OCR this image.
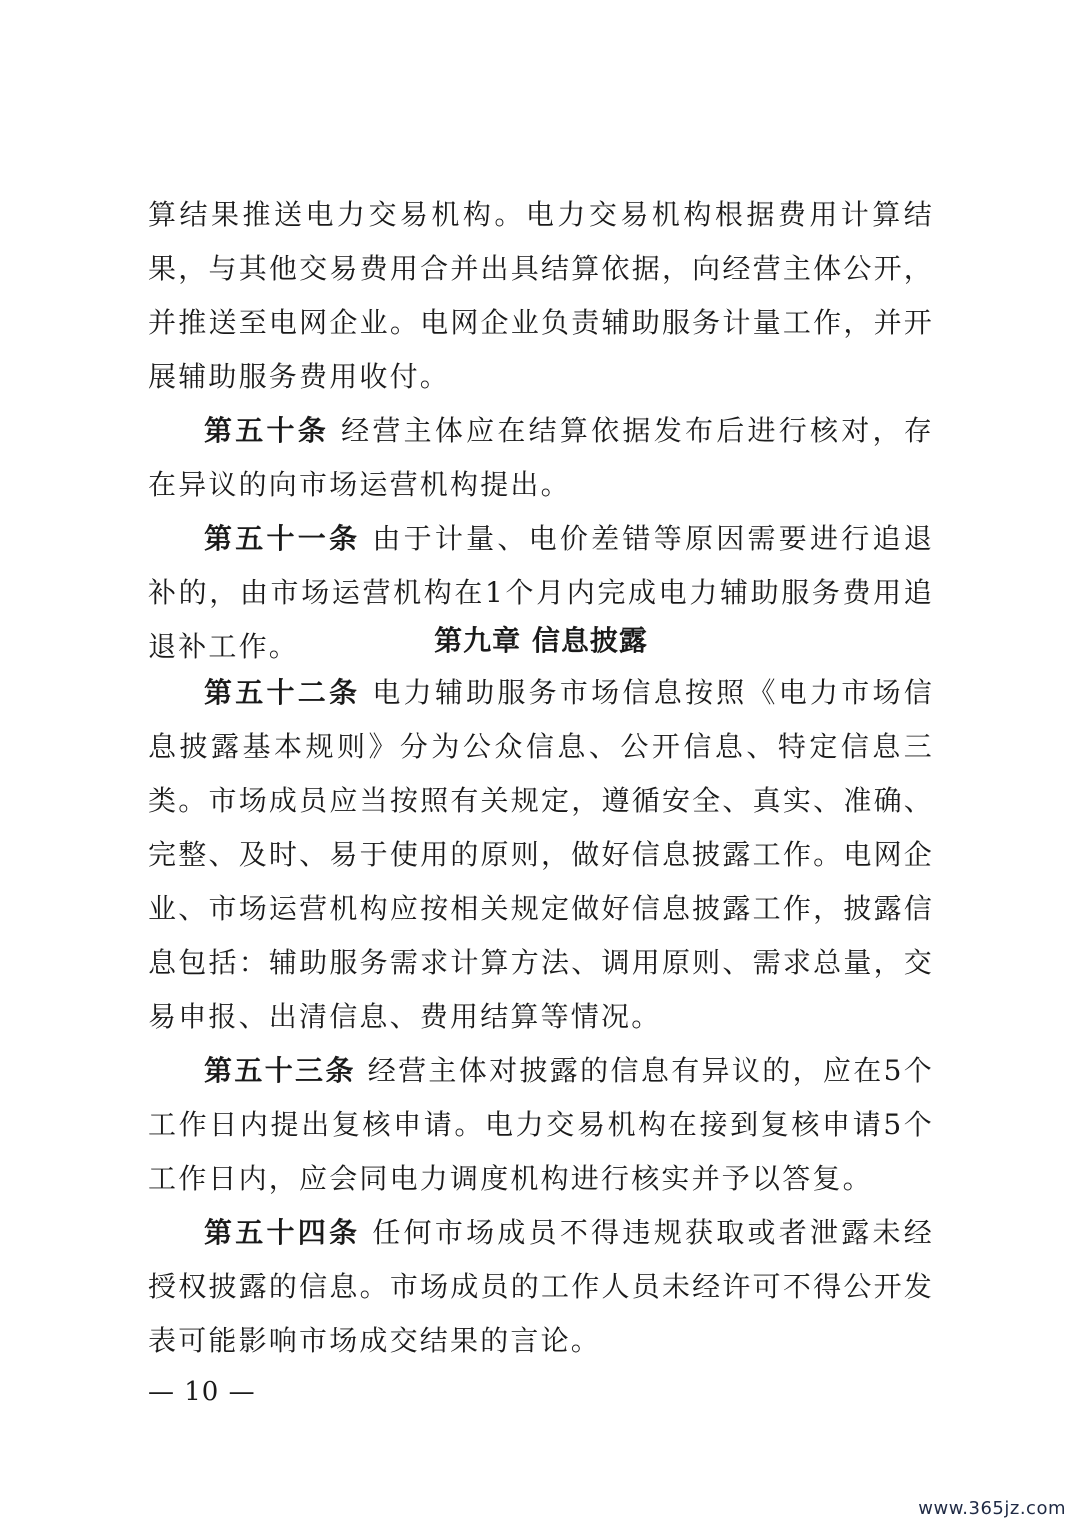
算结果推送电力交易机构。电力交易机构根据费用计算结果，与其他交易费用合并出具结算依据，向经营主体公开，并推送至电网企业。电网企业负责辅助服务计量工作，并开展辅助服务费用收付。

第五十条 经营主体应在结算依据发布后进行核对，存在异议的向市场运营机构提出。

第五十一条 由于计量、电价差错等原因需要进行追退补的，由市场运营机构在1个月内完成电力辅助服务费用追退补工作。	第九章 信息披露

第五十二条 电力辅助服务市场信息按照《电力市场信息披露基本规则》分为公众信息、公开信息、特定信息三类。市场成员应当按照有关规定，遵循安全、真实、准确、完整、及时、易于使用的原则，做好信息披露工作。电网企业、市场运营机构应按相关规定做好信息披露工作，披露信息包括：辅助服务需求计算方法、调用原则、需求总量，交易申报、出清信息、费用结算等情况。

第五十三条 经营主体对披露的信息有异议的，应在5个工作日内提出复核申请。电力交易机构在接到复核申请5个工作日内，应会同电力调度机构进行核实并予以答复。

第五十四条 任何市场成员不得违规获取或者泄露未经授权披露的信息。市场成员的工作人员未经许可不得公开发表可能影响市场成交结果的言论。

— 10 —
www.365jz.com
